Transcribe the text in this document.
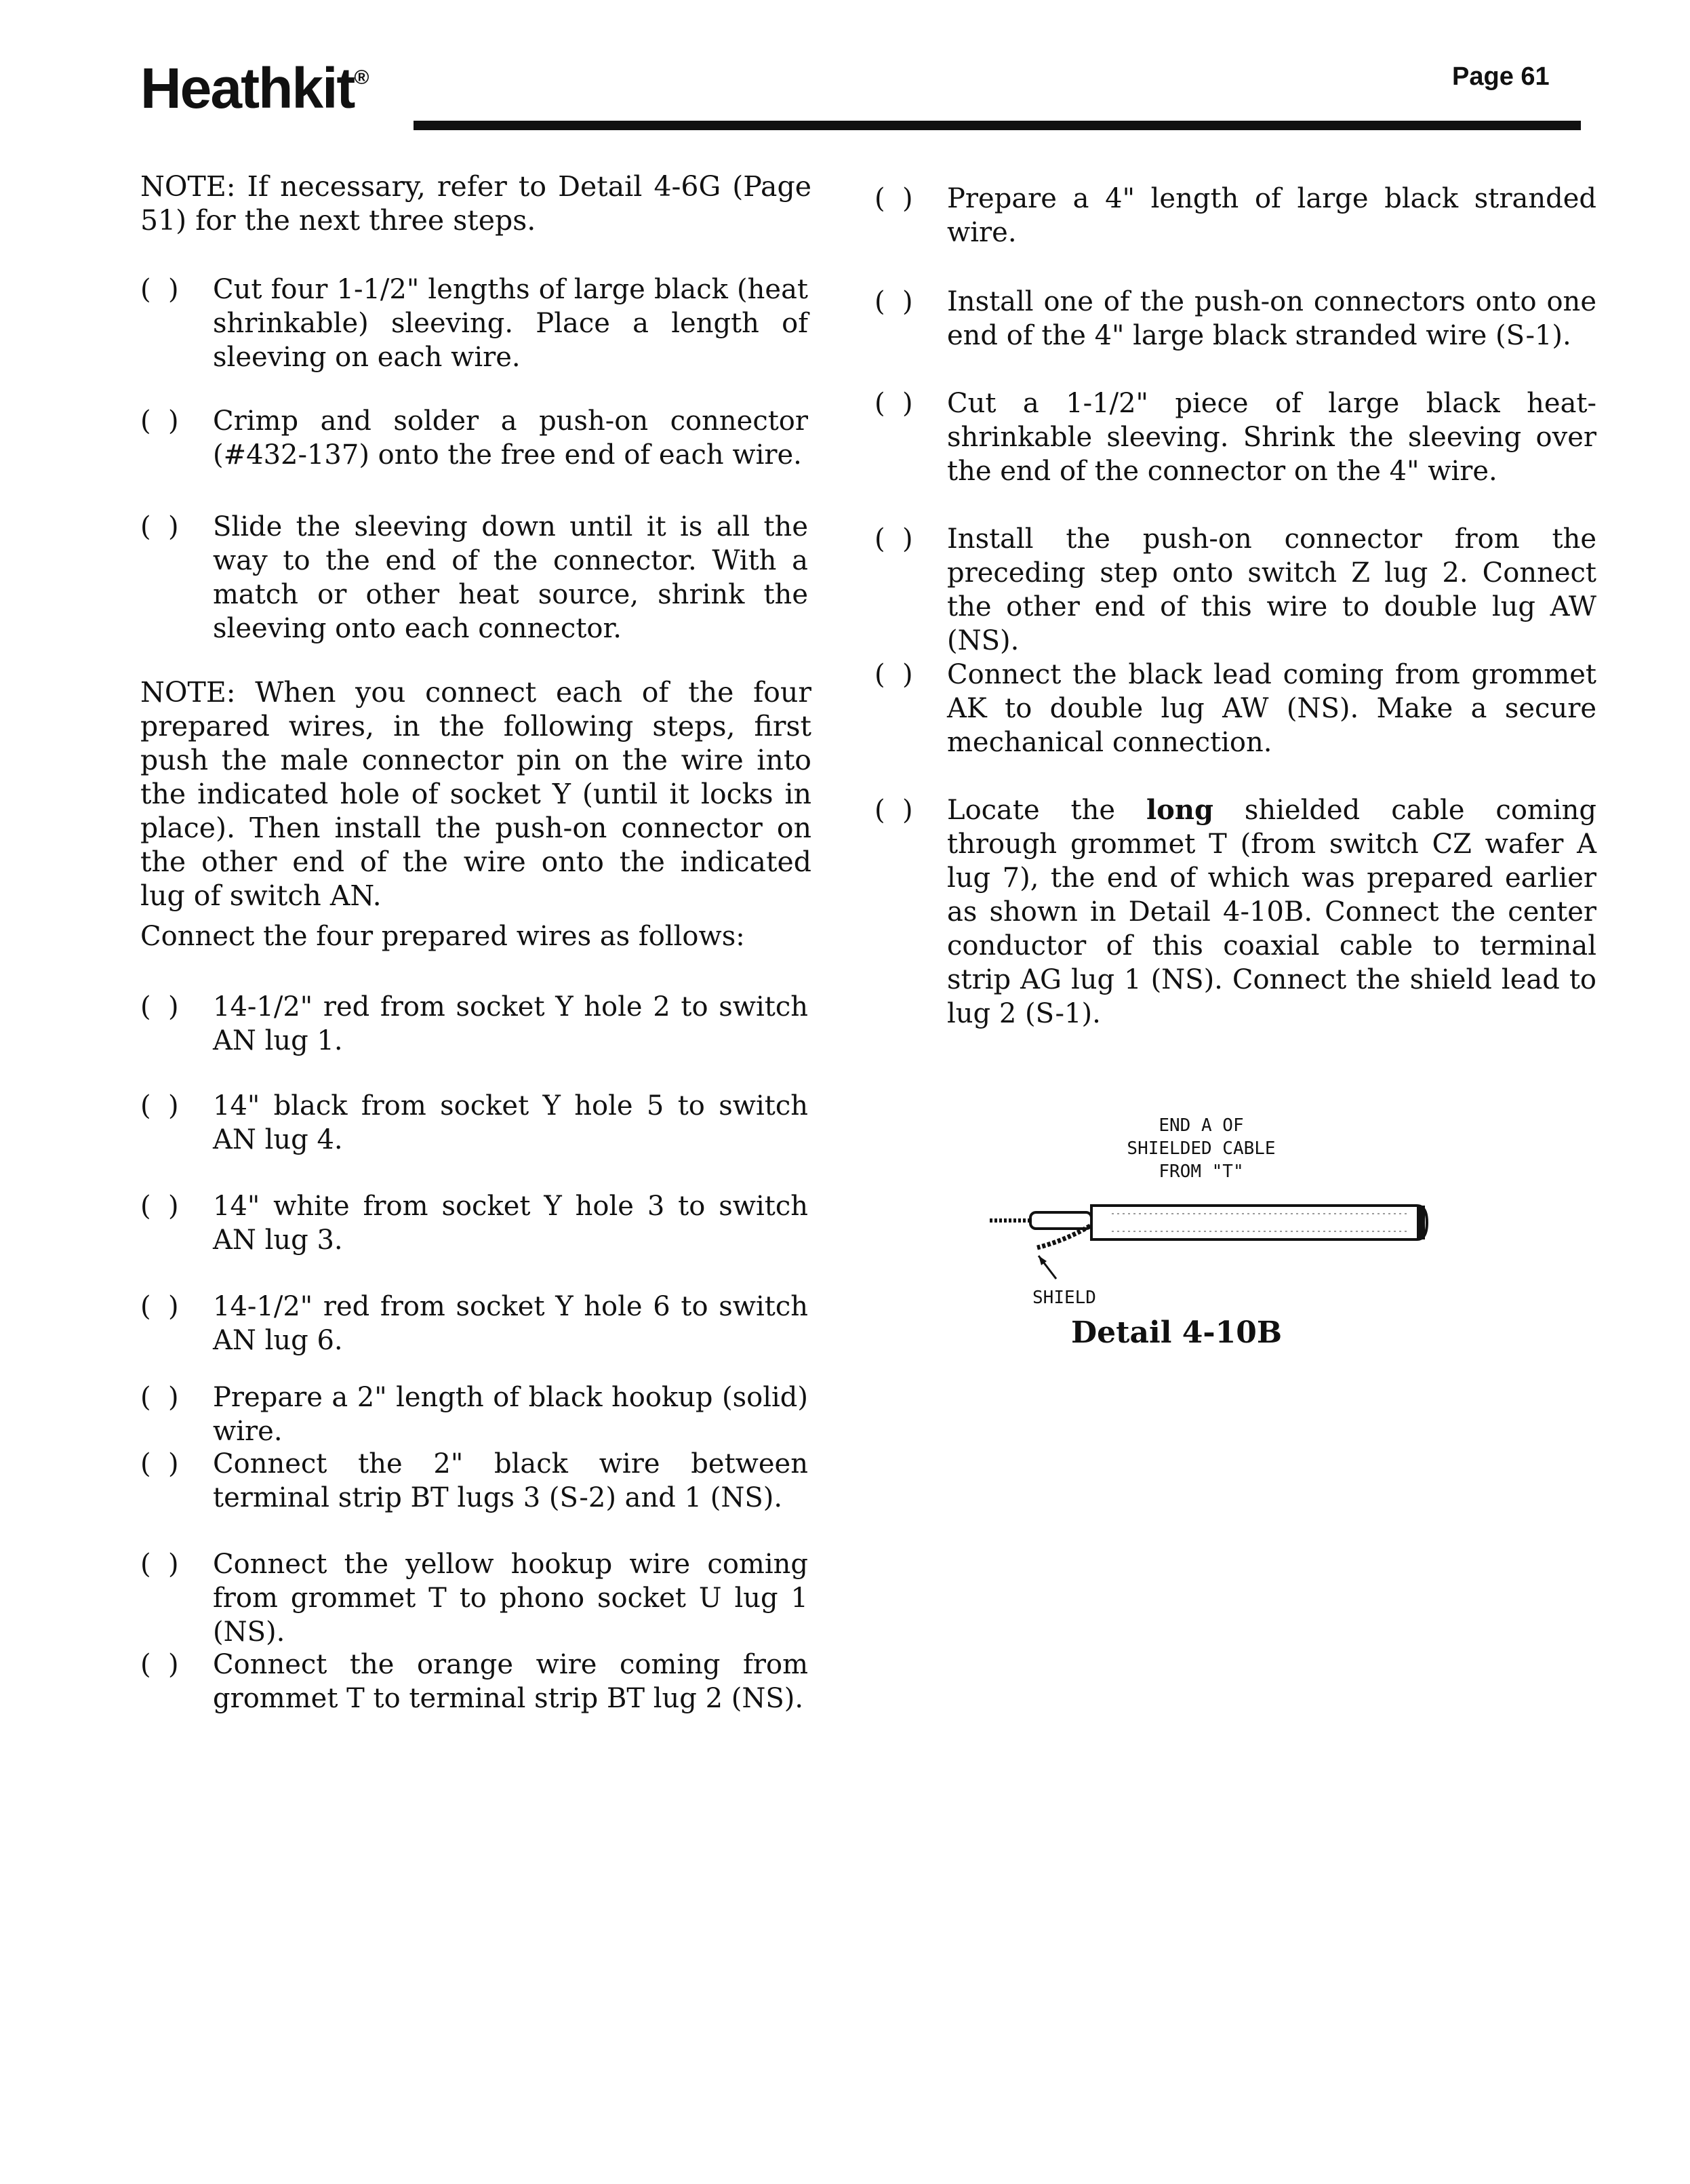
Heathkit®	Page 61
NOTE: If necessary, refer to Detail 4-6G (Page 51) for the next three steps.
(  )	Cut four 1-1/2" lengths of large black (heat shrinkable) sleeving. Place a length of sleeving on each wire.
(  )	Crimp and solder a push-on connector (#432-137) onto the free end of each wire.
(  )	Slide the sleeving down until it is all the way to the end of the connector. With a match or other heat source, shrink the sleeving onto each connector.
NOTE: When you connect each of the four prepared wires, in the following steps, first push the male connector pin on the wire into the indicated hole of socket Y (until it locks in place). Then install the push-on connector on the other end of the wire onto the indicated lug of switch AN.
Connect the four prepared wires as follows:
(  )	14-1/2" red from socket Y hole 2 to switch AN lug 1.
(  )	14" black from socket Y hole 5 to switch AN lug 4.
(  )	14" white from socket Y hole 3 to switch AN lug 3.
(  )	14-1/2" red from socket Y hole 6 to switch AN lug 6.
(  )	Prepare a 2" length of black hookup (solid) wire.
(  )	Connect the 2" black wire between terminal strip BT lugs 3 (S-2) and 1 (NS).
(  )	Connect the yellow hookup wire coming from grommet T to phono socket U lug 1 (NS).
(  )	Connect the orange wire coming from grommet T to terminal strip BT lug 2 (NS).
(  )	Prepare a 4" length of large black stranded wire.
(  )	Install one of the push-on connectors onto one end of the 4" large black stranded wire (S-1).
(  )	Cut a 1-1/2" piece of large black heat-shrinkable sleeving. Shrink the sleeving over the end of the connector on the 4" wire.
(  )	Install the push-on connector from the preceding step onto switch Z lug 2. Connect the other end of this wire to double lug AW (NS).
(  )	Connect the black lead coming from grommet AK to double lug AW (NS). Make a secure mechanical connection.
(  )	Locate the long shielded cable coming through grommet T (from switch CZ wafer A lug 7), the end of which was prepared earlier as shown in Detail 4-10B. Connect the center conductor of this coaxial cable to terminal strip AG lug 1 (NS). Connect the shield lead to lug 2 (S-1).
END A OF
SHIELDED CABLE
FROM "T"
SHIELD
Detail 4-10B
